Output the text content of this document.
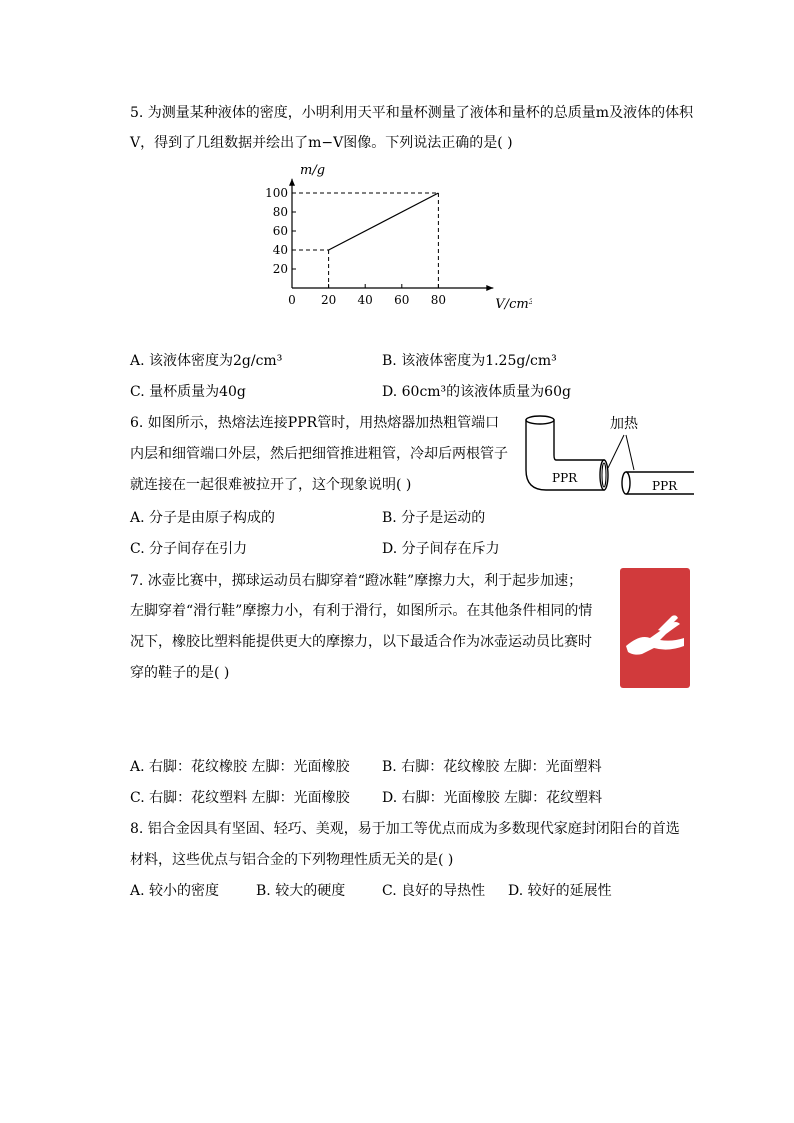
5. 为测量某种液体的密度，小明利用天平和量杯测量了液体和量杯的总质量m及液体的体积
V，得到了几组数据并绘出了m−V图像。下列说法正确的是( )
0 20 40 60 80
20
40
60
80
100
m/g
V/cm³
A. 该液体密度为2g/cm³	B. 该液体密度为1.25g/cm³
C. 量杯质量为40g	D. 60cm³的该液体质量为60g
6. 如图所示，热熔法连接PPR管时，用热熔器加热粗管端口
内层和细管端口外层，然后把细管推进粗管，冷却后两根管子
就连接在一起很难被拉开了，这个现象说明( )
加热
PPR
PPR
A. 分子是由原子构成的	B. 分子是运动的
C. 分子间存在引力	D. 分子间存在斥力
7. 冰壶比赛中，掷球运动员右脚穿着“蹬冰鞋”摩擦力大，利于起步加速；
左脚穿着“滑行鞋”摩擦力小，有利于滑行，如图所示。在其他条件相同的情
况下，橡胶比塑料能提供更大的摩擦力，以下最适合作为冰壶运动员比赛时
穿的鞋子的是( )
A. 右脚：花纹橡胶 左脚：光面橡胶 B. 右脚：花纹橡胶 左脚：光面塑料
C. 右脚：花纹塑料 左脚：光面橡胶 D. 右脚：光面橡胶 左脚：花纹塑料
8. 铝合金因具有坚固、轻巧、美观，易于加工等优点而成为多数现代家庭封闭阳台的首选
材料，这些优点与铝合金的下列物理性质无关的是( )
A. 较小的密度	B. 较大的硬度	C. 良好的导热性 D. 较好的延展性
